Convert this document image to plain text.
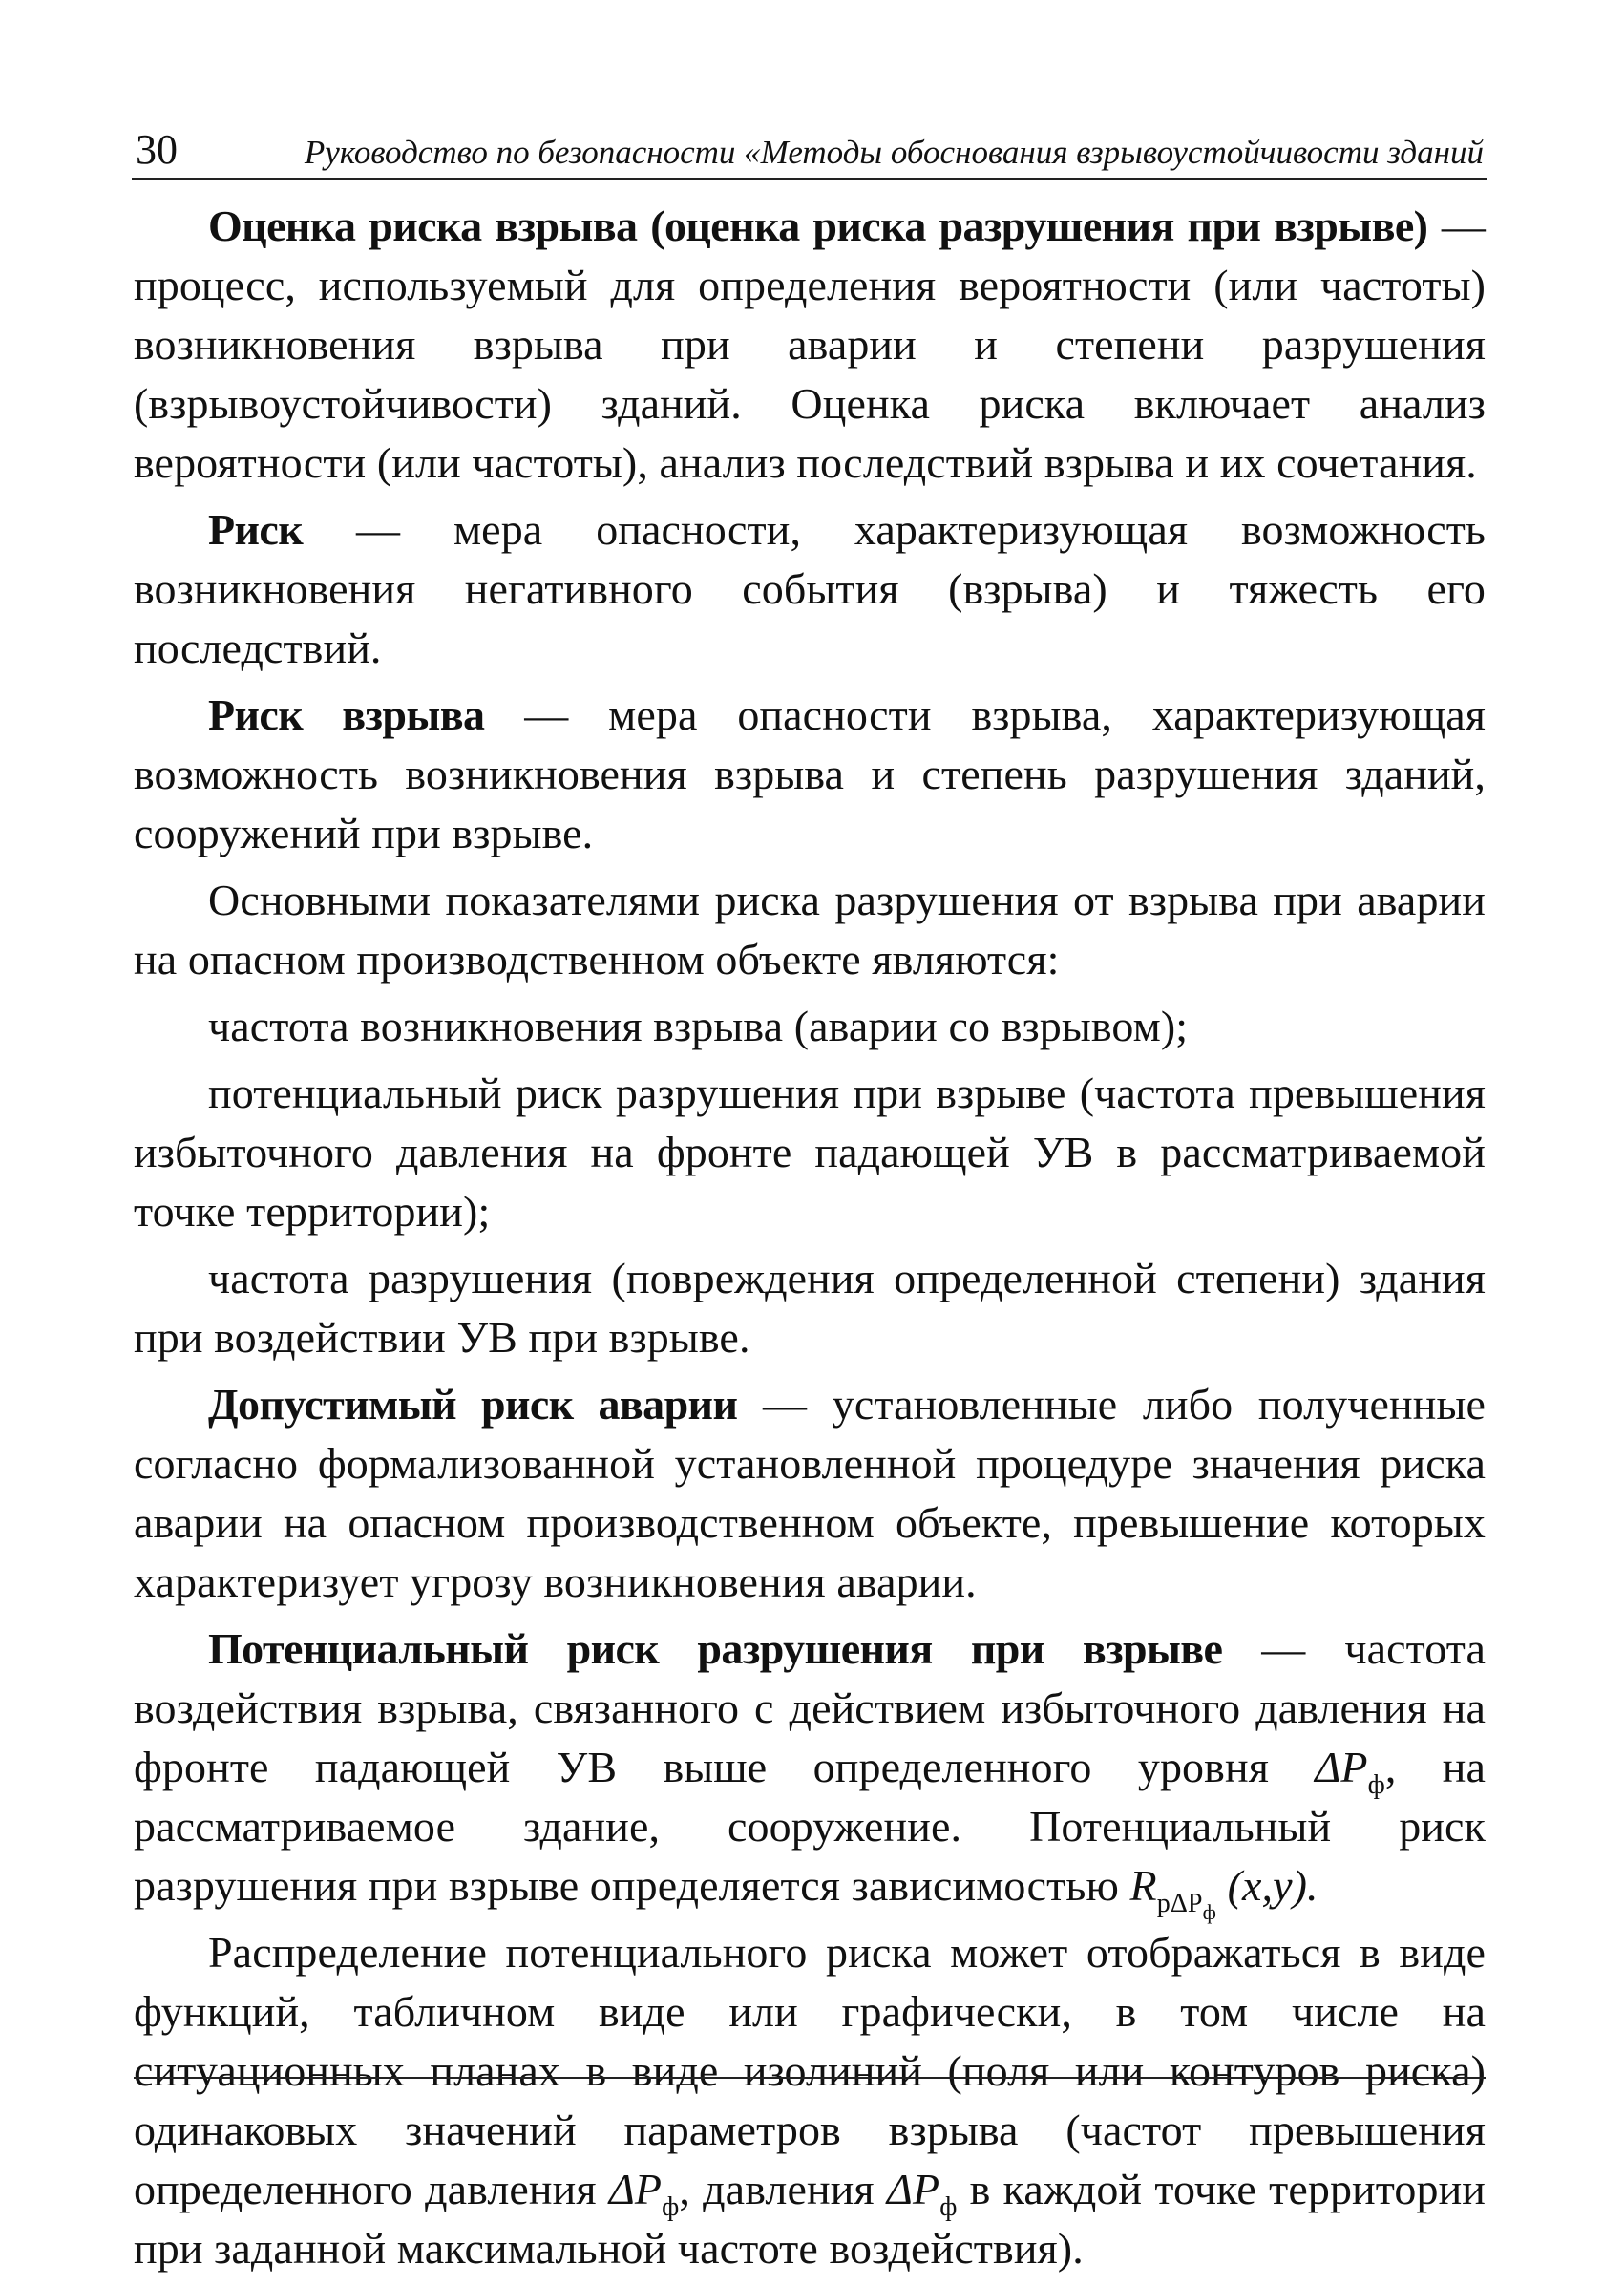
30	Руководство по безопасности «Методы обоснования взрывоустойчивости зданий

Оценка риска взрыва (оценка риска разрушения при взрыве) — процесс, используемый для определения вероятности (или частоты) возникновения взрыва при аварии и степени разрушения (взрывоустойчивости) зданий. Оценка риска включает анализ вероятности (или частоты), анализ последствий взрыва и их сочетания.

Риск — мера опасности, характеризующая возможность возникновения негативного события (взрыва) и тяжесть его последствий.

Риск взрыва — мера опасности взрыва, характеризующая возможность возникновения взрыва и степень разрушения зданий, сооружений при взрыве.

Основными показателями риска разрушения от взрыва при аварии на опасном производственном объекте являются:

частота возникновения взрыва (аварии со взрывом);

потенциальный риск разрушения при взрыве (частота превышения избыточного давления на фронте падающей УВ в рассматриваемой точке территории);

частота разрушения (повреждения определенной степени) здания при воздействии УВ при взрыве.

Допустимый риск аварии — установленные либо полученные согласно формализованной установленной процедуре значения риска аварии на опасном производственном объекте, превышение которых характеризует угрозу возникновения аварии.

Потенциальный риск разрушения при взрыве — частота воздействия взрыва, связанного с действием избыточного давления на фронте падающей УВ выше определенного уровня $\Delta P_ф$, на рассматриваемое здание, сооружение. Потенциальный риск разрушения при взрыве определяется зависимостью $R_{р\Delta P_ф}$ (x,y).

Распределение потенциального риска может отображаться в виде функций, табличном виде или графически, в том числе на ситуационных планах в виде изолиний (поля или контуров риска) одинаковых значений параметров взрыва (частот превышения определенного давления $\Delta P_ф$, давления $\Delta P_ф$ в каждой точке территории при заданной максимальной частоте воздействия).
